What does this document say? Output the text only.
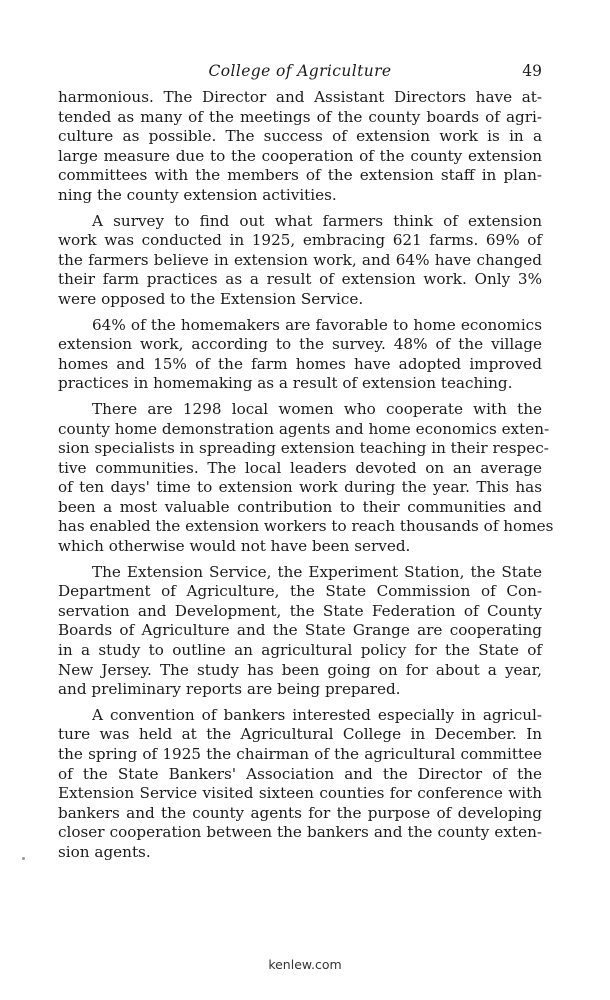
College of Agriculture	49
harmonious. The Director and Assistant Directors have at-
tended as many of the meetings of the county boards of agri-
culture as possible. The success of extension work is in a
large measure due to the cooperation of the county extension
committees with the members of the extension staff in plan-
ning the county extension activities.
A survey to find out what farmers think of extension
work was conducted in 1925, embracing 621 farms. 69% of
the farmers believe in extension work, and 64% have changed
their farm practices as a result of extension work. Only 3%
were opposed to the Extension Service.
64% of the homemakers are favorable to home economics
extension work, according to the survey. 48% of the village
homes and 15% of the farm homes have adopted improved
practices in homemaking as a result of extension teaching.
There are 1298 local women who cooperate with the
county home demonstration agents and home economics exten-
sion specialists in spreading extension teaching in their respec-
tive communities. The local leaders devoted on an average
of ten days' time to extension work during the year. This has
been a most valuable contribution to their communities and
has enabled the extension workers to reach thousands of homes
which otherwise would not have been served.
The Extension Service, the Experiment Station, the State
Department of Agriculture, the State Commission of Con-
servation and Development, the State Federation of County
Boards of Agriculture and the State Grange are cooperating
in a study to outline an agricultural policy for the State of
New Jersey. The study has been going on for about a year,
and preliminary reports are being prepared.
A convention of bankers interested especially in agricul-
ture was held at the Agricultural College in December. In
the spring of 1925 the chairman of the agricultural committee
of the State Bankers' Association and the Director of the
Extension Service visited sixteen counties for conference with
bankers and the county agents for the purpose of developing
closer cooperation between the bankers and the county exten-
sion agents.
kenlew.com
